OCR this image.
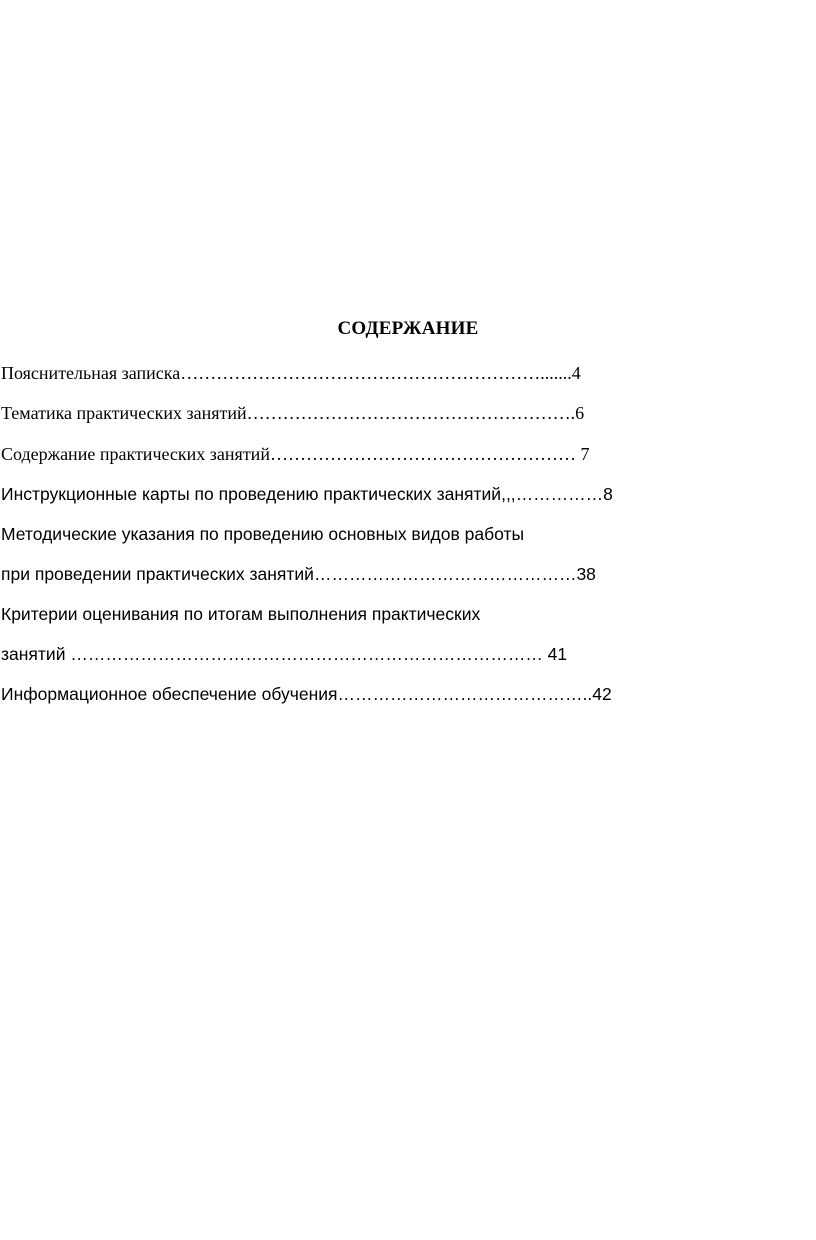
СОДЕРЖАНИЕ
Пояснительная записка…………………………………………………….......4
Тематика практических занятий……………………………………………….6
Содержание практических занятий…………………………………………… 7
Инструкционные карты по проведению практических занятий,,,……………8
Методические указания по проведению основных видов работы
при проведении практических занятий………………………………………38
Критерии оценивания по итогам выполнения практических
занятий ……………………………………………………………………… 41
Информационное обеспечение обучения……………………………………..42
